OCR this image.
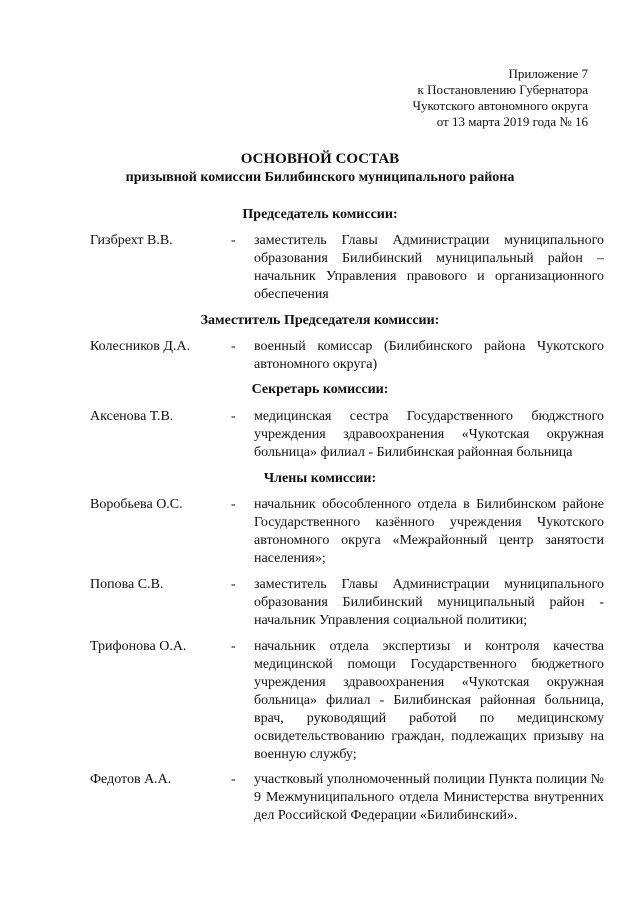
Приложение 7
к Постановлению Губернатора
Чукотского автономного округа
от 13 марта 2019 года № 16
ОСНОВНОЙ СОСТАВ
призывной комиссии Билибинского муниципального района
Председатель комиссии:
Гизбрехт В.В.	- заместитель Главы Администрации муниципального образования Билибинский муниципальный район – начальник Управления правового и организационного обеспечения
Заместитель Председателя комиссии:
Колесников Д.А.	- военный комиссар (Билибинского района Чукотского автономного округа)
Секретарь комиссии:
Аксенова Т.В.	- медицинская сестра Государственного бюджстного учреждения здравоохранения «Чукотская окружная больница» филиал - Билибинская районная больница
Члены комиссии:
Воробьева О.С.	- начальник обособленного отдела в Билибинском районе Государственного казённого учреждения Чукотского автономного округа «Межрайонный центр занятости населения»;
Попова С.В.	- заместитель Главы Администрации муниципального образования Билибинский муниципальный район - начальник Управления социальной политики;
Трифонова О.А.	- начальник отдела экспертизы и контроля качества медицинской помощи Государственного бюджетного учреждения здравоохранения «Чукотская окружная больница» филиал - Билибинская районная больница, врач, руководящий работой по медицинскому освидетельствованию граждан, подлежащих призыву на военную службу;
Федотов А.А.	- участковый уполномоченный полиции Пункта полиции № 9 Межмуниципального отдела Министерства внутренних дел Российской Федерации «Билибинский».
